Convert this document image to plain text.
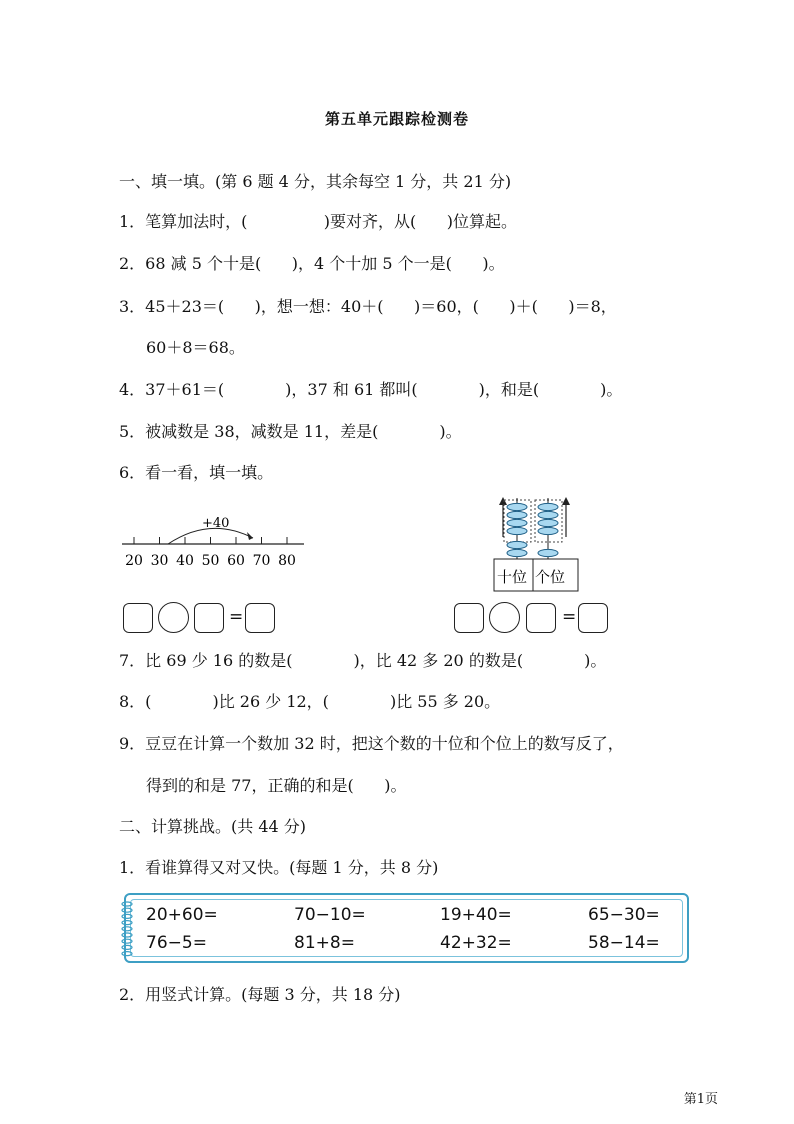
第五单元跟踪检测卷
一、填一填。(第 6 题 4 分，其余每空 1 分，共 21 分)
1．笔算加法时，(               )要对齐，从(      )位算起。
2．68 减 5 个十是(      )，4 个十加 5 个一是(      )。
3．45＋23＝(      )，想一想：40＋(      )＝60，(      )＋(      )＝8，
60＋8＝68。
4．37＋61＝(            )，37 和 61 都叫(            )，和是(            )。
5．被减数是 38，减数是 11，差是(            )。
6．看一看，填一填。
+40
20 30 40 50 60 70 80
十位 个位
=	=
7．比 69 少 16 的数是(            )，比 42 多 20 的数是(            )。
8．(            )比 26 少 12，(            )比 55 多 20。
9．豆豆在计算一个数加 32 时，把这个数的十位和个位上的数写反了，
得到的和是 77，正确的和是(      )。
二、计算挑战。(共 44 分)
1．看谁算得又对又快。(每题 1 分，共 8 分)
20+60=	70−10=	19+40=	65−30=
76−5=	81+8=	42+32=	58−14=
2．用竖式计算。(每题 3 分，共 18 分)
第1页
